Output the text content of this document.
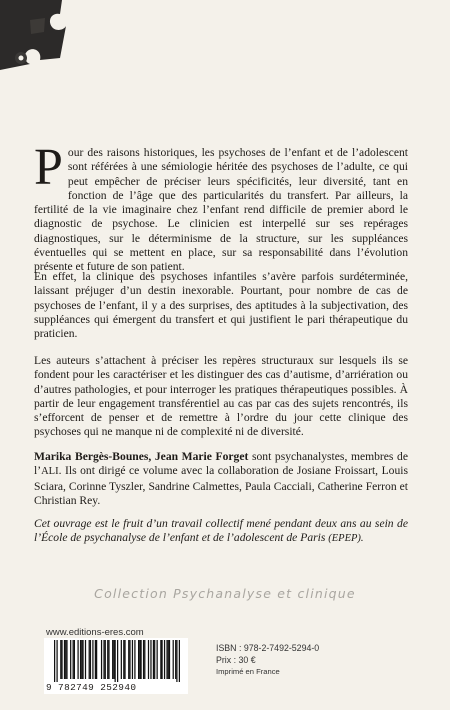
Pour des raisons historiques, les psychoses de l’enfant et de l’adolescent sont référées à une sémiologie héritée des psychoses de l’adulte, ce qui peut empêcher de préciser leurs spécificités, leur diversité, tant en fonction de l’âge que des particularités du transfert. Par ailleurs, la fertilité de la vie imaginaire chez l’enfant rend difficile de premier abord le diagnostic de psychose. Le clinicien est interpellé sur ses repérages diagnostiques, sur le déterminisme de la structure, sur les suppléances éventuelles qui se mettent en place, sur sa responsabilité dans l’évolution présente et future de son patient.

En effet, la clinique des psychoses infantiles s’avère parfois surdéterminée, laissant préjuger d’un destin inexorable. Pourtant, pour nombre de cas de psychoses de l’enfant, il y a des surprises, des aptitudes à la subjectivation, des suppléances qui émergent du transfert et qui justifient le pari thérapeutique du praticien.

Les auteurs s’attachent à préciser les repères structuraux sur lesquels ils se fondent pour les caractériser et les distinguer des cas d’autisme, d’arriération ou d’autres pathologies, et pour interroger les pratiques thérapeutiques possibles. À partir de leur engagement transférentiel au cas par cas des sujets rencontrés, ils s’efforcent de penser et de remettre à l’ordre du jour cette clinique des psychoses qui ne manque ni de complexité ni de diversité.

Marika Bergès-Bounes, Jean Marie Forget sont psychanalystes, membres de l’ALI. Ils ont dirigé ce volume avec la collaboration de Josiane Froissart, Louis Sciara, Corinne Tyszler, Sandrine Calmettes, Paula Cacciali, Catherine Ferron et Christian Rey.

Cet ouvrage est le fruit d’un travail collectif mené pendant deux ans au sein de l’École de psychanalyse de l’enfant et de l’adolescent de Paris (EPEP).

Collection Psychanalyse et clinique
www.editions-eres.com
9 782749 252940
ISBN : 978-2-7492-5294-0
Prix : 30 €
Imprimé en France
